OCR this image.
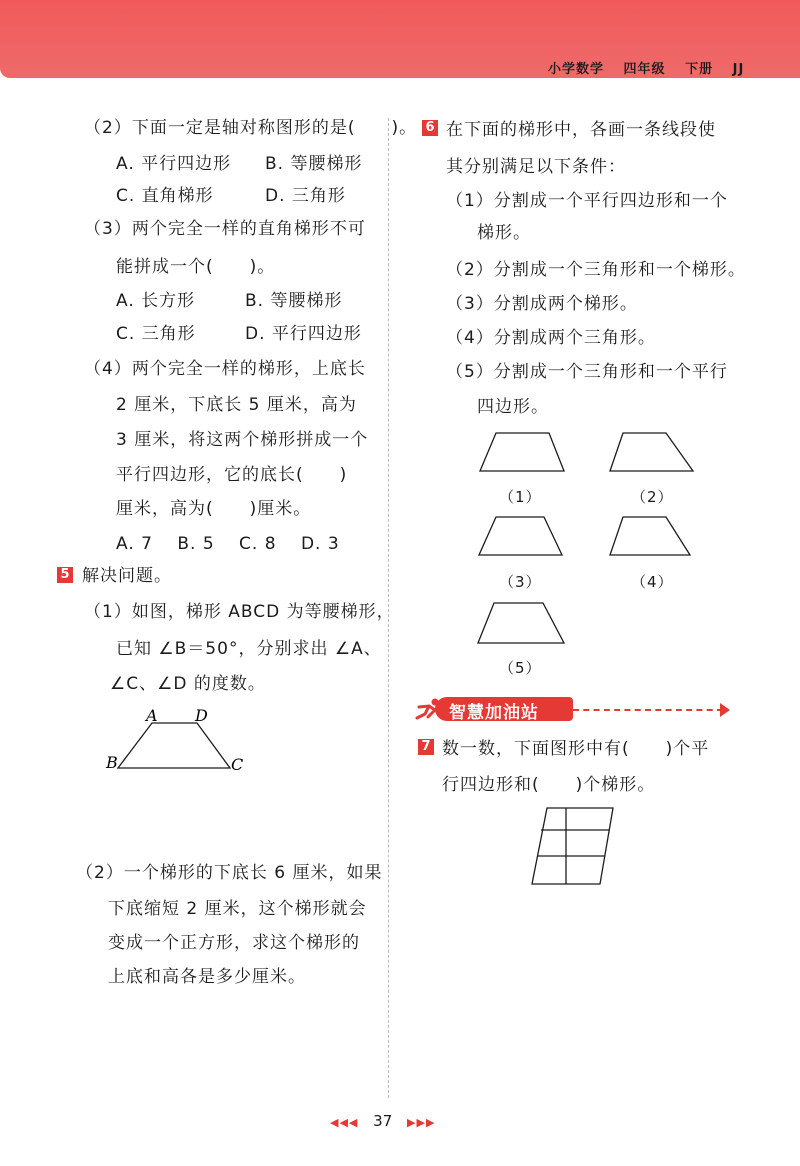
小学数学 四年级 下册 JJ
（2）下面一定是轴对称图形的是(　　)。
A. 平行四边形 B. 等腰梯形
C. 直角梯形	D. 三角形
（3）两个完全一样的直角梯形不可
能拼成一个(　　)。
A. 长方形	B. 等腰梯形
C. 三角形	D. 平行四边形
（4）两个完全一样的梯形，上底长
2 厘米，下底长 5 厘米，高为
3 厘米，将这两个梯形拼成一个
平行四边形，它的底长(　　)
厘米，高为(　　)厘米。
A. 7　 B. 5　 C. 8　 D. 3
5 解决问题。
（1）如图，梯形 ABCD 为等腰梯形，
已知 ∠B＝50°，分别求出 ∠A、
∠C、∠D 的度数。
A D
B	C
（2）一个梯形的下底长 6 厘米，如果
下底缩短 2 厘米，这个梯形就会
变成一个正方形，求这个梯形的
上底和高各是多少厘米。
6 在下面的梯形中，各画一条线段使
其分别满足以下条件：
（1）分割成一个平行四边形和一个
梯形。
（2）分割成一个三角形和一个梯形。
（3）分割成两个梯形。
（4）分割成两个三角形。
（5）分割成一个三角形和一个平行
四边形。
（1）	（2）
（3）	（4）
（5）
智慧加油站
7 数一数，下面图形中有(　　)个平
行四边形和(　　)个梯形。
◀◀◀ 37 ▶▶▶
